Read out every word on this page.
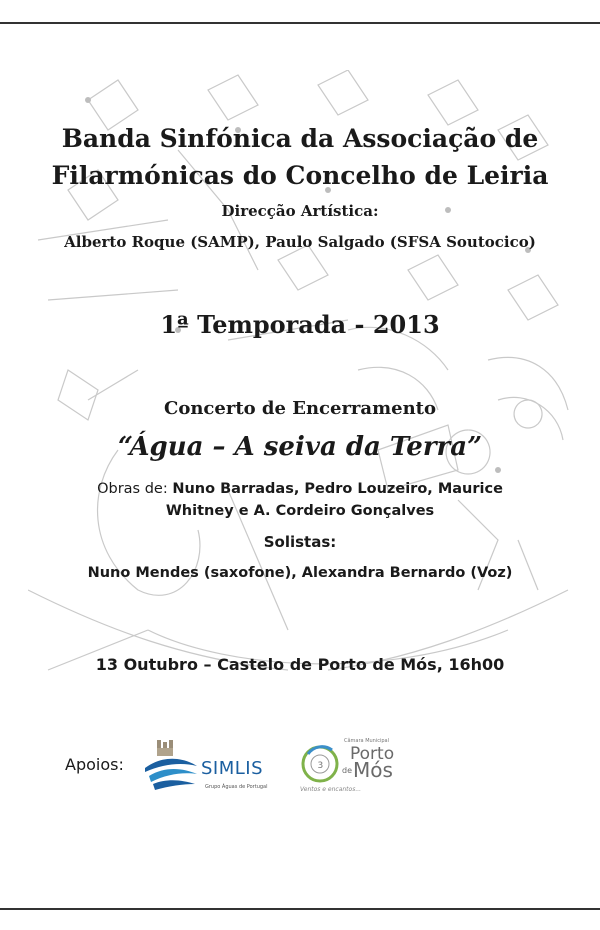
Banda Sinfónica da Associação de
Filarmónicas do Concelho de Leiria
Direcção Artística:
Alberto Roque (SAMP), Paulo Salgado (SFSA Soutocico)
1ª Temporada - 2013
Concerto de Encerramento
“Água – A seiva da Terra”
Obras de: Nuno Barradas, Pedro Louzeiro, Maurice
Whitney e A. Cordeiro Gonçalves
Solistas:
Nuno Mendes (saxofone), Alexandra Bernardo (Voz)
13 Outubro – Castelo de Porto de Mós, 16h00
Apoios:	SIMLIS
Grupo Águas de Portugal
3
Câmara Municipal
Porto
de Mós
Ventos e encantos...
